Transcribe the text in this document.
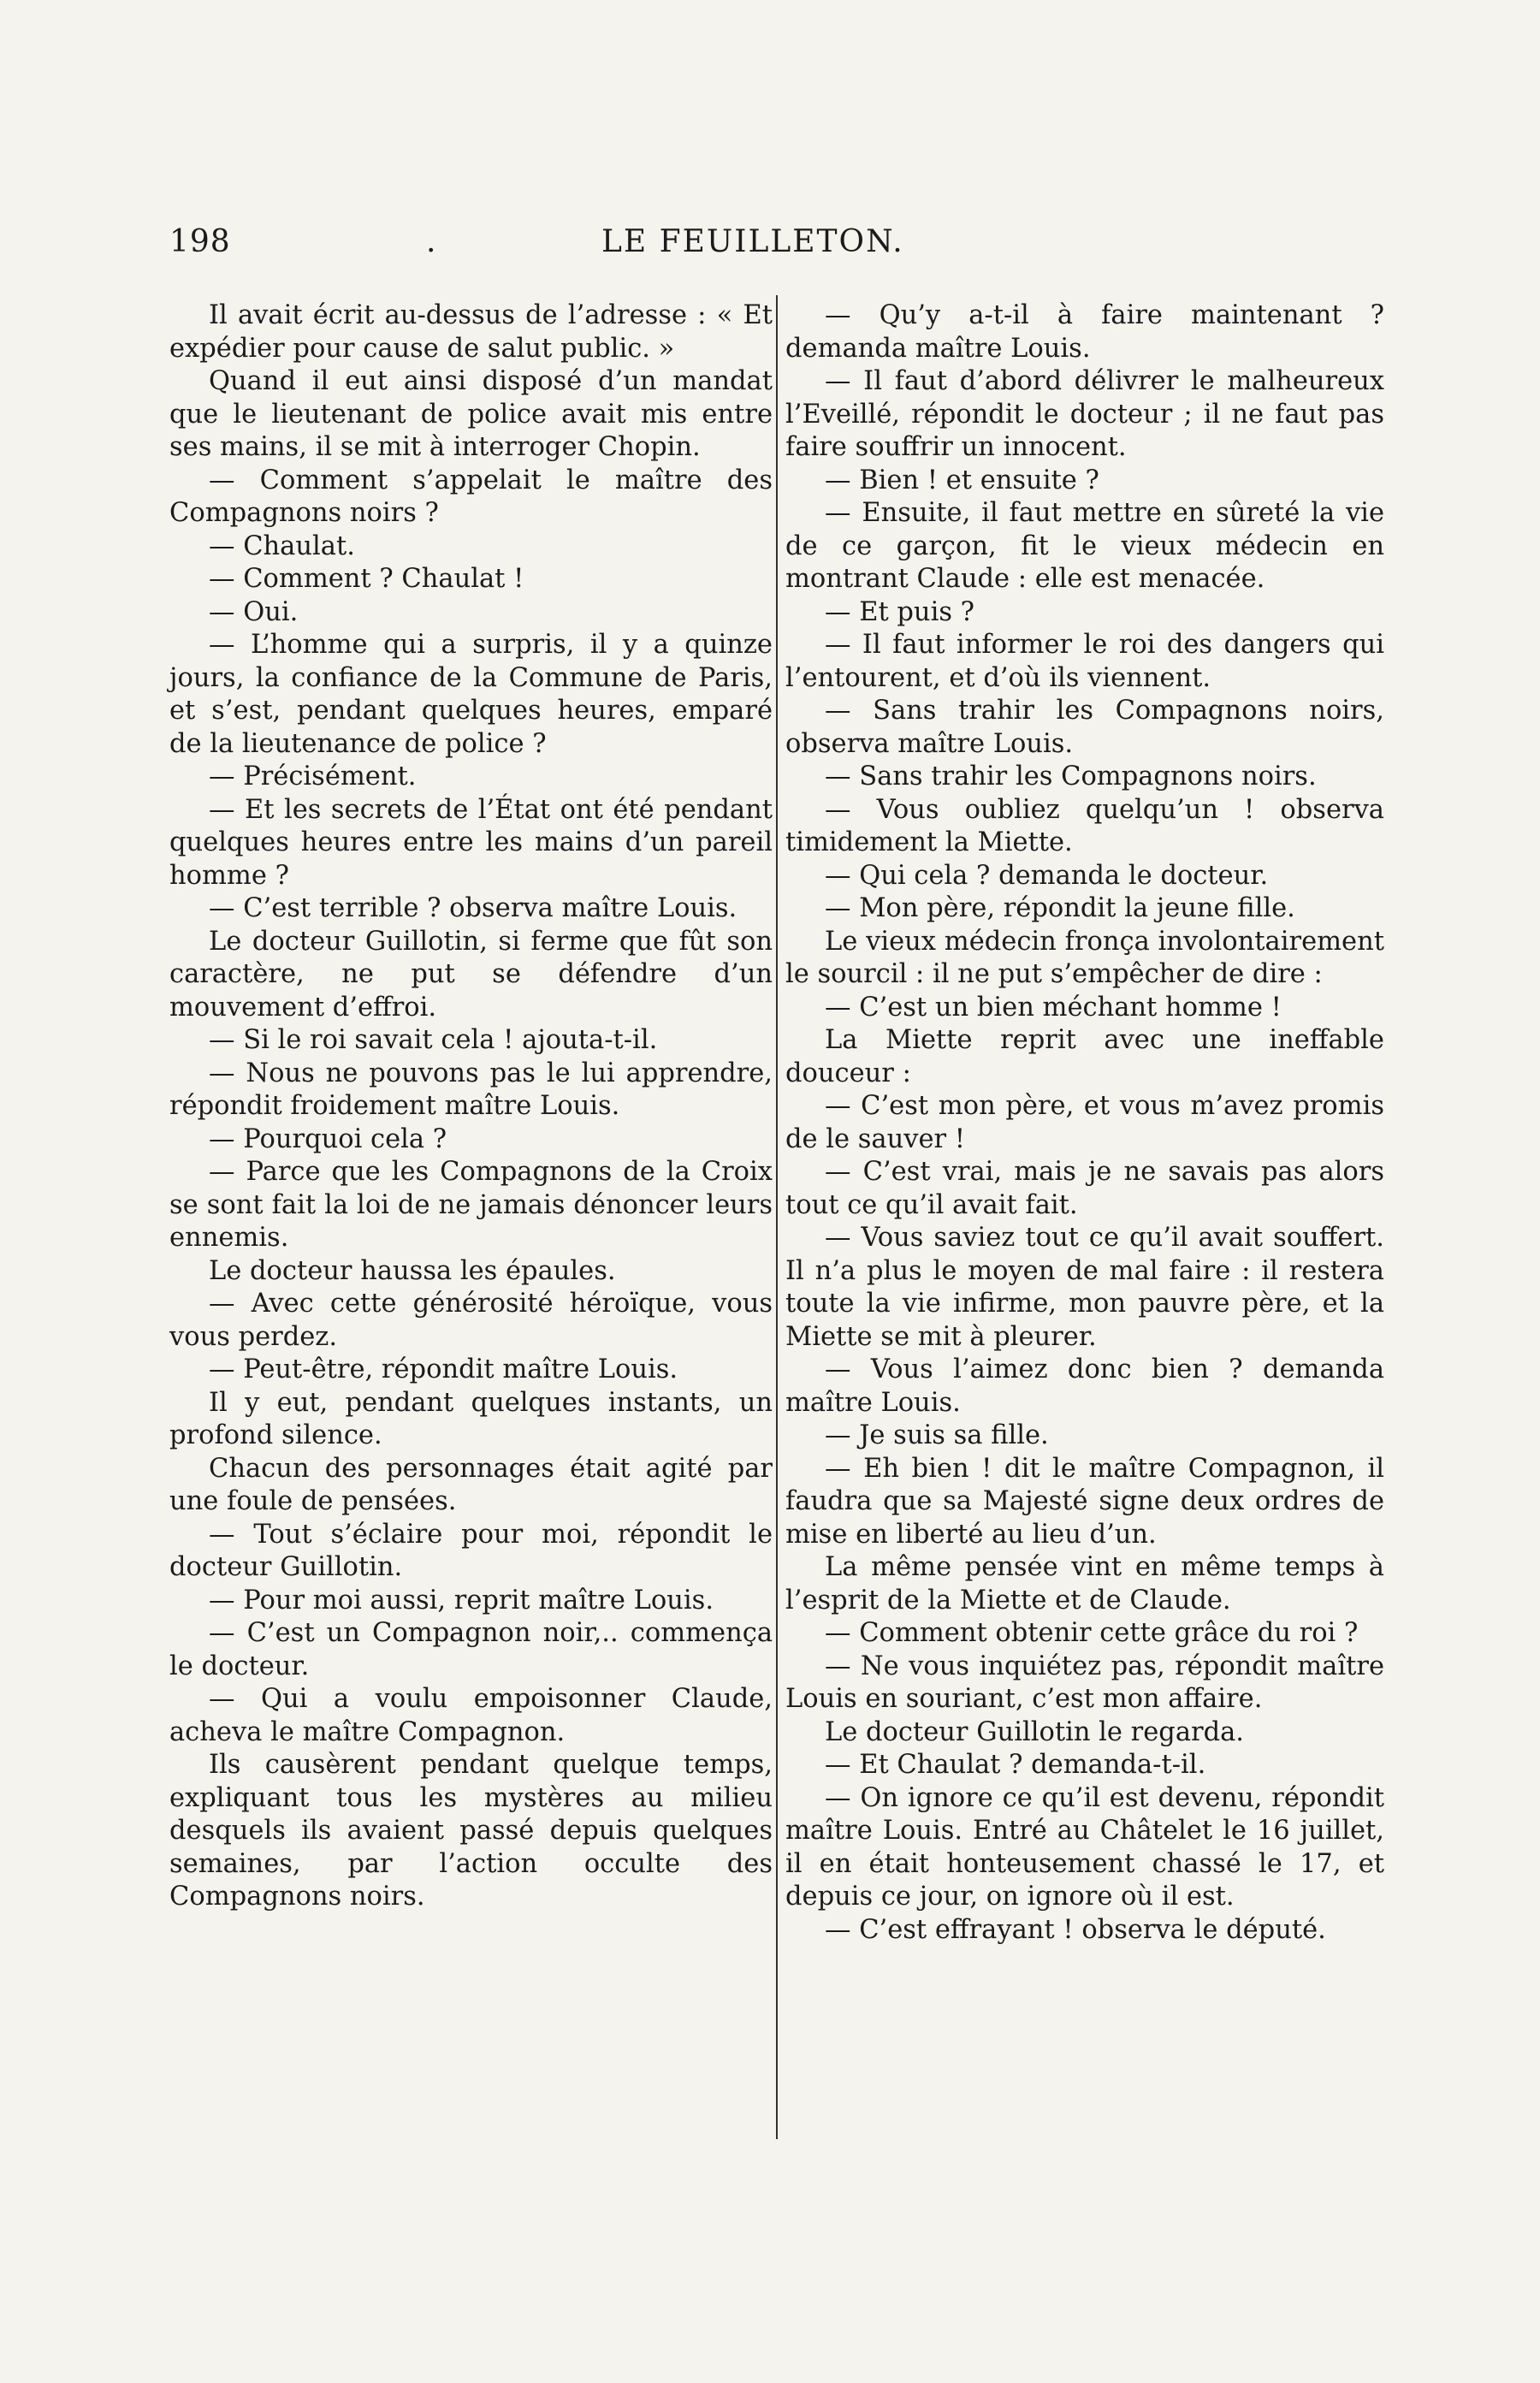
198	.	LE FEUILLETON.

Il avait écrit au-dessus de l’adresse : « Et expédier pour cause de salut public. »

Quand il eut ainsi disposé d’un mandat que le lieutenant de police avait mis entre ses mains, il se mit à interroger Chopin.

— Comment s’appelait le maître des Compagnons noirs ?

— Chaulat.

— Comment ? Chaulat !

— Oui.

— L’homme qui a surpris, il y a quinze jours, la confiance de la Commune de Paris, et s’est, pendant quelques heures, emparé de la lieutenance de police ?

— Précisément.

— Et les secrets de l’État ont été pendant quelques heures entre les mains d’un pareil homme ?

— C’est terrible ? observa maître Louis.

Le docteur Guillotin, si ferme que fût son caractère, ne put se défendre d’un mouvement d’effroi.

— Si le roi savait cela ! ajouta-t-il.

— Nous ne pouvons pas le lui apprendre, répondit froidement maître Louis.

— Pourquoi cela ?

— Parce que les Compagnons de la Croix se sont fait la loi de ne jamais dénoncer leurs ennemis.

Le docteur haussa les épaules.

— Avec cette générosité héroïque, vous vous perdez.

— Peut-être, répondit maître Louis.

Il y eut, pendant quelques instants, un profond silence.

Chacun des personnages était agité par une foule de pensées.

— Tout s’éclaire pour moi, répondit le docteur Guillotin.

— Pour moi aussi, reprit maître Louis.

— C’est un Compagnon noir,.. commença le docteur.

— Qui a voulu empoisonner Claude, acheva le maître Compagnon.

Ils causèrent pendant quelque temps, expliquant tous les mystères au milieu desquels ils avaient passé depuis quelques semaines, par l’action occulte des Compagnons noirs.

— Qu’y a-t-il à faire maintenant ? demanda maître Louis.

— Il faut d’abord délivrer le malheureux l’Eveillé, répondit le docteur ; il ne faut pas faire souffrir un innocent.

— Bien ! et ensuite ?

— Ensuite, il faut mettre en sûreté la vie de ce garçon, fit le vieux médecin en montrant Claude : elle est menacée.

— Et puis ?

— Il faut informer le roi des dangers qui l’entourent, et d’où ils viennent.

— Sans trahir les Compagnons noirs, observa maître Louis.

— Sans trahir les Compagnons noirs.

— Vous oubliez quelqu’un ! observa timidement la Miette.

— Qui cela ? demanda le docteur.

— Mon père, répondit la jeune fille.

Le vieux médecin fronça involontairement le sourcil : il ne put s’empêcher de dire :

— C’est un bien méchant homme !

La Miette reprit avec une ineffable douceur :

— C’est mon père, et vous m’avez promis de le sauver !

— C’est vrai, mais je ne savais pas alors tout ce qu’il avait fait.

— Vous saviez tout ce qu’il avait souffert. Il n’a plus le moyen de mal faire : il restera toute la vie infirme, mon pauvre père, et la Miette se mit à pleurer.

— Vous l’aimez donc bien ? demanda maître Louis.

— Je suis sa fille.

— Eh bien ! dit le maître Compagnon, il faudra que sa Majesté signe deux ordres de mise en liberté au lieu d’un.

La même pensée vint en même temps à l’esprit de la Miette et de Claude.

— Comment obtenir cette grâce du roi ?

— Ne vous inquiétez pas, répondit maître Louis en souriant, c’est mon affaire.

Le docteur Guillotin le regarda.

— Et Chaulat ? demanda-t-il.

— On ignore ce qu’il est devenu, répondit maître Louis. Entré au Châtelet le 16 juillet, il en était honteusement chassé le 17, et depuis ce jour, on ignore où il est.

— C’est effrayant ! observa le député.
